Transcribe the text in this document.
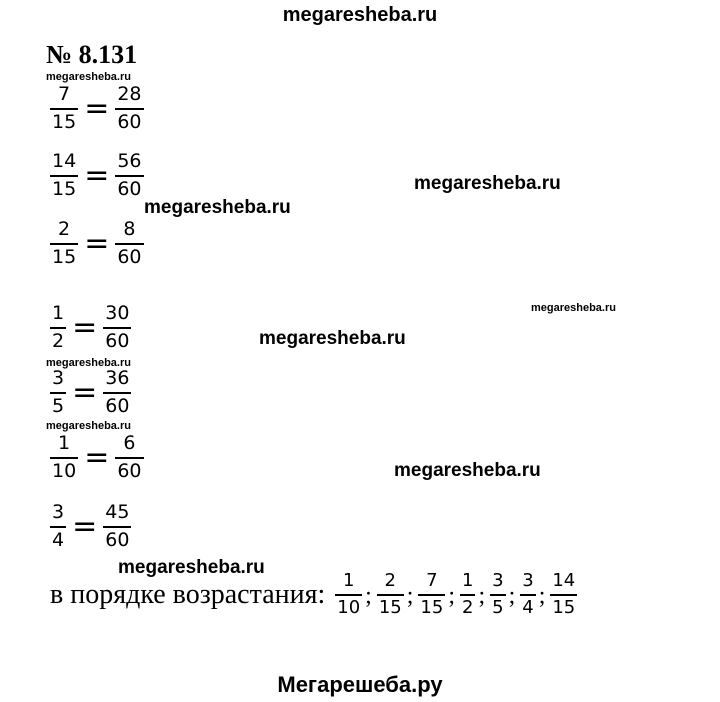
megaresheba.ru
№ 8.131
megaresheba.ru
megaresheba.ru
megaresheba.ru
megaresheba.ru
megaresheba.ru
megaresheba.ru
megaresheba.ru
megaresheba.ru
megaresheba.ru
$\frac{7}{15} = \frac{28}{60}$
$\frac{14}{15} = \frac{56}{60}$
$\frac{2}{15} = \frac{8}{60}$
$\frac{1}{2} = \frac{30}{60}$
$\frac{3}{5} = \frac{36}{60}$
$\frac{1}{10} = \frac{6}{60}$
$\frac{3}{4} = \frac{45}{60}$
в порядке возрастания: $\frac{1}{10}$ ; $\frac{2}{15}$ ; $\frac{7}{15}$ ; $\frac{1}{2}$ ; $\frac{3}{5}$ ; $\frac{3}{4}$ ; $\frac{14}{15}$
Мегарешеба.ру
